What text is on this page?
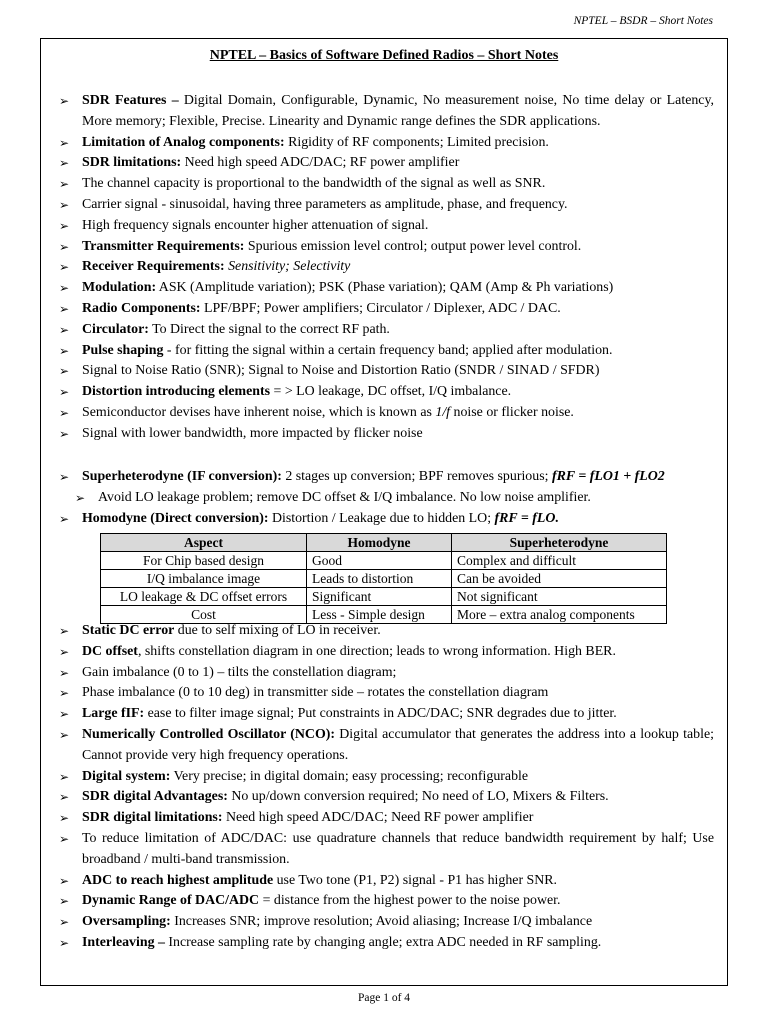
NPTEL – BSDR – Short Notes
NPTEL – Basics of Software Defined Radios – Short Notes
➢ SDR Features – Digital Domain, Configurable, Dynamic, No measurement noise, No time delay or Latency, More memory; Flexible, Precise. Linearity and Dynamic range defines the SDR applications.
➢ Limitation of Analog components: Rigidity of RF components; Limited precision.
➢ SDR limitations: Need high speed ADC/DAC; RF power amplifier
➢ The channel capacity is proportional to the bandwidth of the signal as well as SNR.
➢ Carrier signal - sinusoidal, having three parameters as amplitude, phase, and frequency.
➢ High frequency signals encounter higher attenuation of signal.
➢ Transmitter Requirements: Spurious emission level control; output power level control.
➢ Receiver Requirements: Sensitivity; Selectivity
➢ Modulation: ASK (Amplitude variation); PSK (Phase variation); QAM (Amp & Ph variations)
➢ Radio Components: LPF/BPF; Power amplifiers; Circulator / Diplexer, ADC / DAC.
➢ Circulator: To Direct the signal to the correct RF path.
➢ Pulse shaping - for fitting the signal within a certain frequency band; applied after modulation.
➢ Signal to Noise Ratio (SNR); Signal to Noise and Distortion Ratio (SNDR / SINAD / SFDR)
➢ Distortion introducing elements = > LO leakage, DC offset, I/Q imbalance.
➢ Semiconductor devises have inherent noise, which is known as 1/f noise or flicker noise.
➢ Signal with lower bandwidth, more impacted by flicker noise
➢ Superheterodyne (IF conversion): 2 stages up conversion; BPF removes spurious; fRF = fLO1 + fLO2
➢ Avoid LO leakage problem; remove DC offset & I/Q imbalance. No low noise amplifier.
➢ Homodyne (Direct conversion): Distortion / Leakage due to hidden LO; fRF = fLO.
Aspect	Homodyne	Superheterodyne
For Chip based design	Good	Complex and difficult
I/Q imbalance image	Leads to distortion	Can be avoided
LO leakage & DC offset errors	Significant	Not significant
Cost	Less - Simple design	More – extra analog components
➢ Static DC error due to self mixing of LO in receiver.
➢ DC offset, shifts constellation diagram in one direction; leads to wrong information. High BER.
➢ Gain imbalance (0 to 1) – tilts the constellation diagram;
➢ Phase imbalance (0 to 10 deg) in transmitter side – rotates the constellation diagram
➢ Large fIF: ease to filter image signal; Put constraints in ADC/DAC; SNR degrades due to jitter.
➢ Numerically Controlled Oscillator (NCO): Digital accumulator that generates the address into a lookup table; Cannot provide very high frequency operations.
➢ Digital system: Very precise; in digital domain; easy processing; reconfigurable
➢ SDR digital Advantages: No up/down conversion required; No need of LO, Mixers & Filters.
➢ SDR digital limitations: Need high speed ADC/DAC; Need RF power amplifier
➢ To reduce limitation of ADC/DAC: use quadrature channels that reduce bandwidth requirement by half; Use broadband / multi-band transmission.
➢ ADC to reach highest amplitude use Two tone (P1, P2) signal - P1 has higher SNR.
➢ Dynamic Range of DAC/ADC = distance from the highest power to the noise power.
➢ Oversampling: Increases SNR; improve resolution; Avoid aliasing; Increase I/Q imbalance
➢ Interleaving – Increase sampling rate by changing angle; extra ADC needed in RF sampling.
Page 1 of 4
